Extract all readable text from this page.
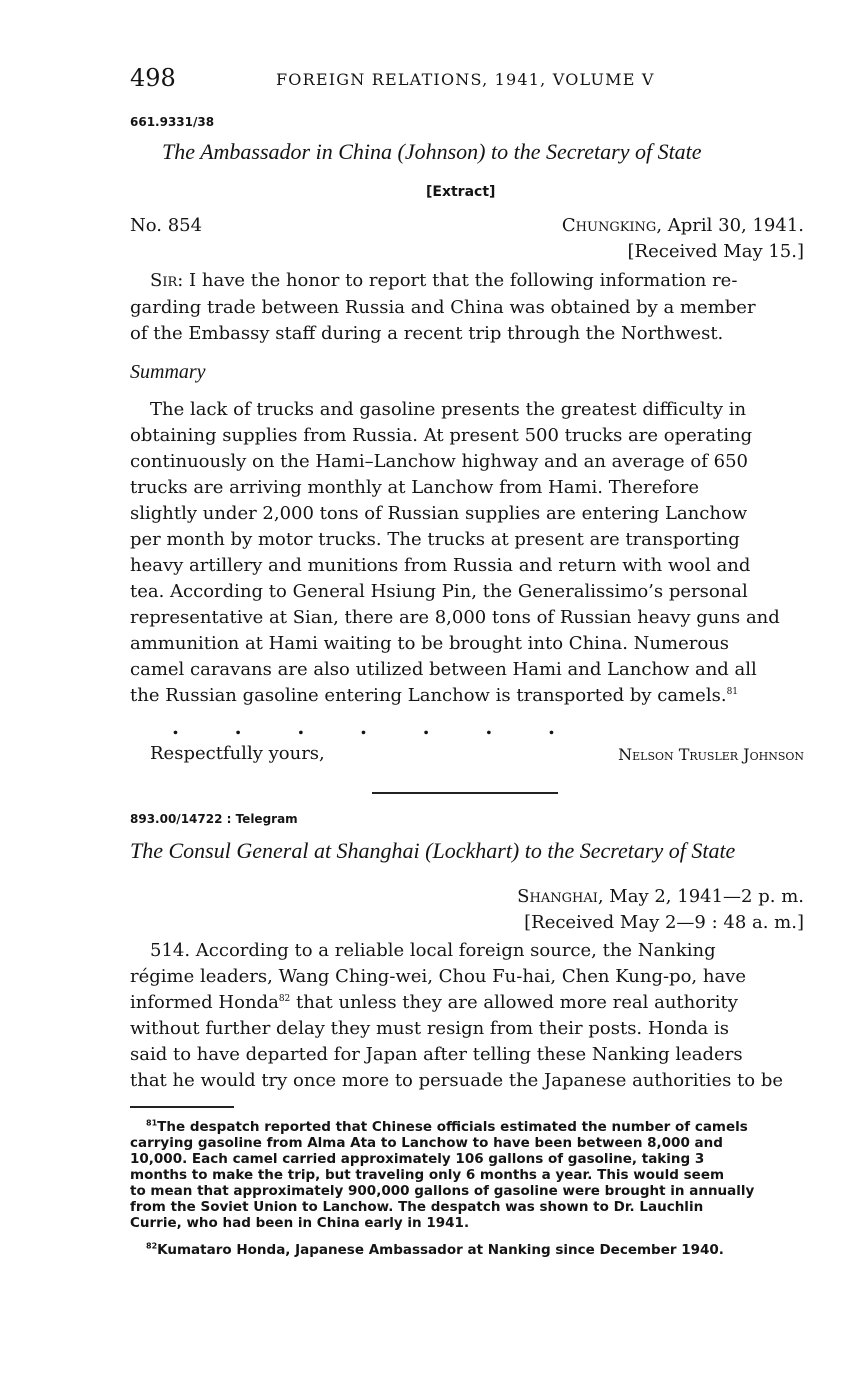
498	FOREIGN RELATIONS, 1941, VOLUME V
661.9331/38
The Ambassador in China (Johnson) to the Secretary of State
[Extract]
No. 854	Chungking, April 30, 1941.
[Received May 15.]
Sir: I have the honor to report that the following information re-
garding trade between Russia and China was obtained by a member
of the Embassy staff during a recent trip through the Northwest.
Summary
The lack of trucks and gasoline presents the greatest difficulty in
obtaining supplies from Russia. At present 500 trucks are operating
continuously on the Hami–Lanchow highway and an average of 650
trucks are arriving monthly at Lanchow from Hami. Therefore
slightly under 2,000 tons of Russian supplies are entering Lanchow
per month by motor trucks. The trucks at present are transporting
heavy artillery and munitions from Russia and return with wool and
tea. According to General Hsiung Pin, the Generalissimo’s personal
representative at Sian, there are 8,000 tons of Russian heavy guns and
ammunition at Hami waiting to be brought into China. Numerous
camel caravans are also utilized between Hami and Lanchow and all
the Russian gasoline entering Lanchow is transported by camels.$^{81}$
.        .        .        .        .        .        .
Respectfully yours,	Nelson Trusler Johnson
893.00/14722 : Telegram
The Consul General at Shanghai (Lockhart) to the Secretary of State
Shanghai, May 2, 1941—2 p. m.
[Received May 2—9 : 48 a. m.]
514. According to a reliable local foreign source, the Nanking
régime leaders, Wang Ching-wei, Chou Fu-hai, Chen Kung-po, have
informed Honda$^{82}$ that unless they are allowed more real authority
without further delay they must resign from their posts. Honda is
said to have departed for Japan after telling these Nanking leaders
that he would try once more to persuade the Japanese authorities to be
$^{81}$The despatch reported that Chinese officials estimated the number of camels
carrying gasoline from Alma Ata to Lanchow to have been between 8,000 and
10,000. Each camel carried approximately 106 gallons of gasoline, taking 3
months to make the trip, but traveling only 6 months a year. This would seem
to mean that approximately 900,000 gallons of gasoline were brought in annually
from the Soviet Union to Lanchow. The despatch was shown to Dr. Lauchlin
Currie, who had been in China early in 1941.
$^{82}$Kumataro Honda, Japanese Ambassador at Nanking since December 1940.
